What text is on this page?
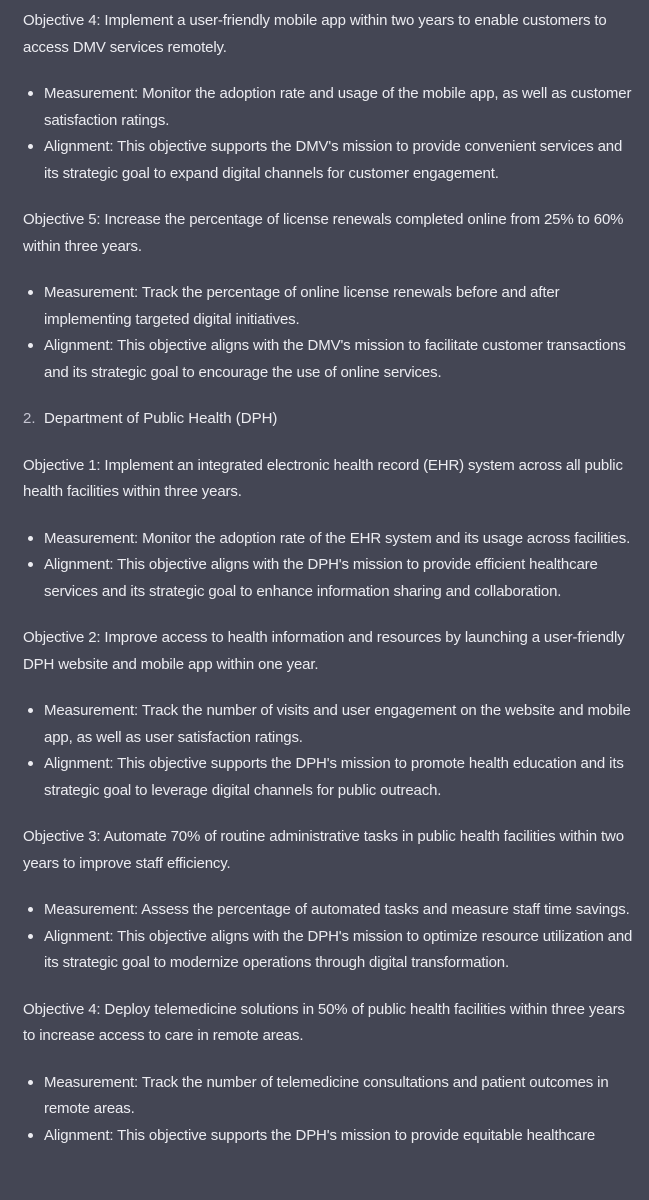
Objective 4: Implement a user-friendly mobile app within two years to enable customers to access DMV services remotely.

Measurement: Monitor the adoption rate and usage of the mobile app, as well as customer satisfaction ratings.
Alignment: This objective supports the DMV's mission to provide convenient services and its strategic goal to expand digital channels for customer engagement.

Objective 5: Increase the percentage of license renewals completed online from 25% to 60% within three years.

Measurement: Track the percentage of online license renewals before and after implementing targeted digital initiatives.
Alignment: This objective aligns with the DMV's mission to facilitate customer transactions and its strategic goal to encourage the use of online services.
2. Department of Public Health (DPH)

Objective 1: Implement an integrated electronic health record (EHR) system across all public health facilities within three years.

Measurement: Monitor the adoption rate of the EHR system and its usage across facilities.
Alignment: This objective aligns with the DPH's mission to provide efficient healthcare services and its strategic goal to enhance information sharing and collaboration.

Objective 2: Improve access to health information and resources by launching a user-friendly DPH website and mobile app within one year.

Measurement: Track the number of visits and user engagement on the website and mobile app, as well as user satisfaction ratings.
Alignment: This objective supports the DPH's mission to promote health education and its strategic goal to leverage digital channels for public outreach.

Objective 3: Automate 70% of routine administrative tasks in public health facilities within two years to improve staff efficiency.

Measurement: Assess the percentage of automated tasks and measure staff time savings.
Alignment: This objective aligns with the DPH's mission to optimize resource utilization and its strategic goal to modernize operations through digital transformation.

Objective 4: Deploy telemedicine solutions in 50% of public health facilities within three years to increase access to care in remote areas.

Measurement: Track the number of telemedicine consultations and patient outcomes in remote areas.
Alignment: This objective supports the DPH's mission to provide equitable healthcare
